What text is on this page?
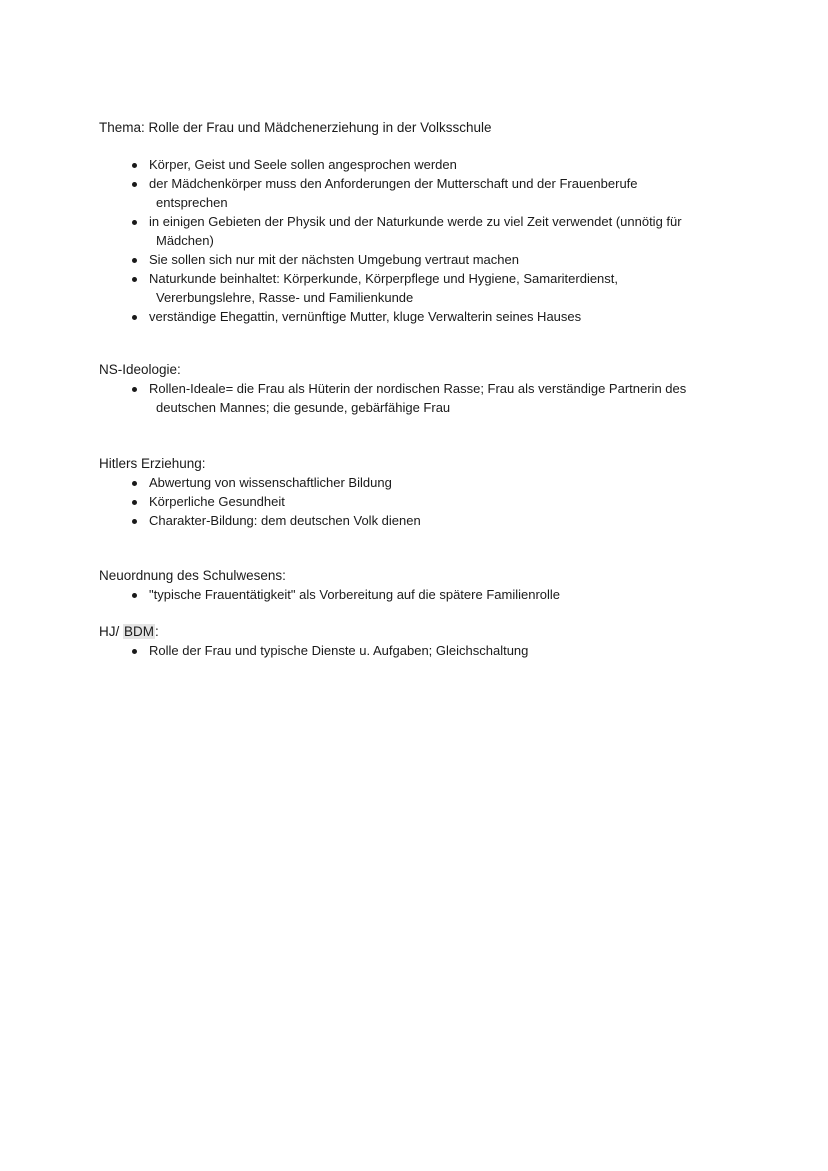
Thema: Rolle der Frau und Mädchenerziehung in der Volksschule

Körper, Geist und Seele sollen angesprochen werden
der Mädchenkörper muss den Anforderungen der Mutterschaft und der Frauenberufe
entsprechen
in einigen Gebieten der Physik und der Naturkunde werde zu viel Zeit verwendet (unnötig für
Mädchen)
Sie sollen sich nur mit der nächsten Umgebung vertraut machen
Naturkunde beinhaltet: Körperkunde, Körperpflege und Hygiene, Samariterdienst,
Vererbungslehre, Rasse- und Familienkunde
verständige Ehegattin, vernünftige Mutter, kluge Verwalterin seines Hauses

NS-Ideologie:

Rollen-Ideale= die Frau als Hüterin der nordischen Rasse; Frau als verständige Partnerin des
deutschen Mannes; die gesunde, gebärfähige Frau

Hitlers Erziehung:

Abwertung von wissenschaftlicher Bildung
Körperliche Gesundheit
Charakter-Bildung: dem deutschen Volk dienen

Neuordnung des Schulwesens:

"typische Frauentätigkeit" als Vorbereitung auf die spätere Familienrolle

HJ/ BDM:

Rolle der Frau und typische Dienste u. Aufgaben; Gleichschaltung
